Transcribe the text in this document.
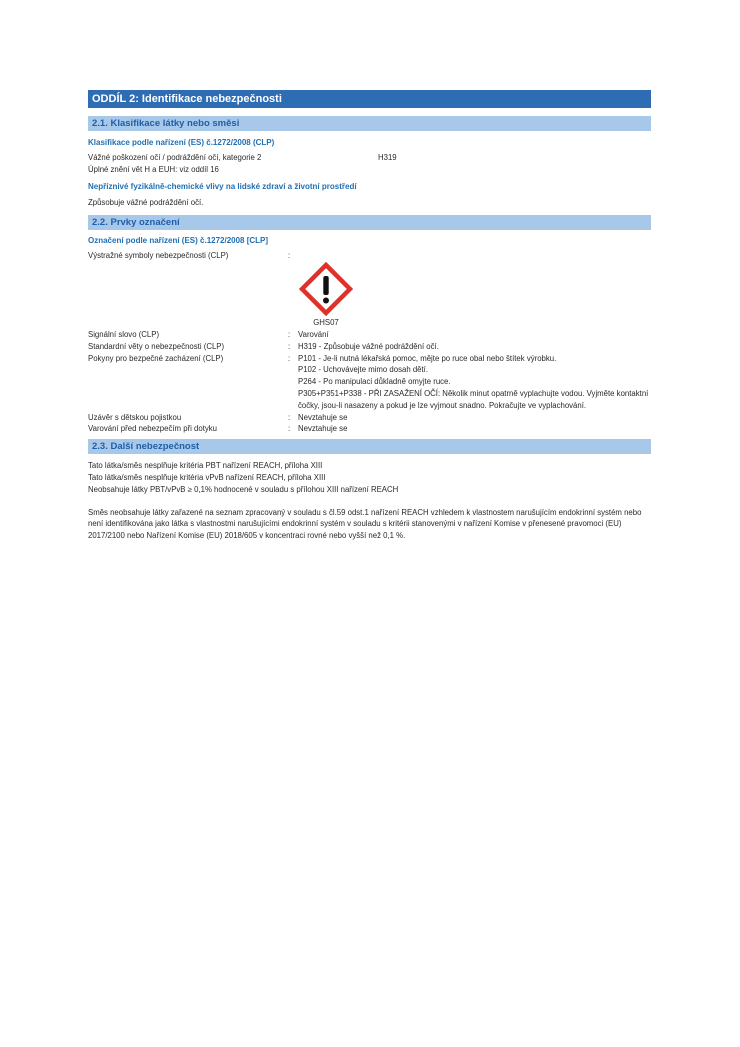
ODDÍL 2: Identifikace nebezpečnosti
2.1. Klasifikace látky nebo směsi
Klasifikace podle nařízení (ES) č.1272/2008 (CLP)
Vážné poškození očí / podráždění očí, kategorie 2	H319
Úplné znění vět H a EUH: viz oddíl 16
Nepříznivé fyzikálně-chemické vlivy na lidské zdraví a životní prostředí
Způsobuje vážné podráždění očí.
2.2. Prvky označení
Označení podle nařízení (ES) č.1272/2008 [CLP]
Výstražné symboly nebezpečnosti (CLP)	:
GHS07
Signální slovo (CLP)	:	Varování
Standardní věty o nebezpečnosti (CLP)	:	H319 - Způsobuje vážné podráždění očí.
Pokyny pro bezpečné zacházení (CLP)	:	P101 - Je-li nutná lékařská pomoc, mějte po ruce obal nebo štítek výrobku.
P102 - Uchovávejte mimo dosah dětí.
P264 - Po manipulaci důkladně omyjte ruce.
P305+P351+P338 - PŘI ZASAŽENÍ OČÍ: Několik minut opatrně vyplachujte vodou. Vyjměte kontaktní čočky, jsou-li nasazeny a pokud je lze vyjmout snadno. Pokračujte ve vyplachování.
Uzávěr s dětskou pojistkou	:	Nevztahuje se
Varování před nebezpečím při dotyku	:	Nevztahuje se
2.3. Další nebezpečnost
Tato látka/směs nesplňuje kritéria PBT nařízení REACH, příloha XIII
Tato látka/směs nesplňuje kritéria vPvB nařízení REACH, příloha XIII
Neobsahuje látky PBT/vPvB ≥ 0,1% hodnocené v souladu s přílohou XIII nařízení REACH
Směs neobsahuje látky zařazené na seznam zpracovaný v souladu s čl.59 odst.1 nařízení REACH vzhledem k vlastnostem narušujícím endokrinní systém nebo není identifikována jako látka s vlastnostmi narušujícími endokrinní systém v souladu s kritérii stanovenými v nařízení Komise v přenesené pravomoci (EU) 2017/2100 nebo Nařízení Komise (EU) 2018/605 v koncentraci rovné nebo vyšší než 0,1 %.
